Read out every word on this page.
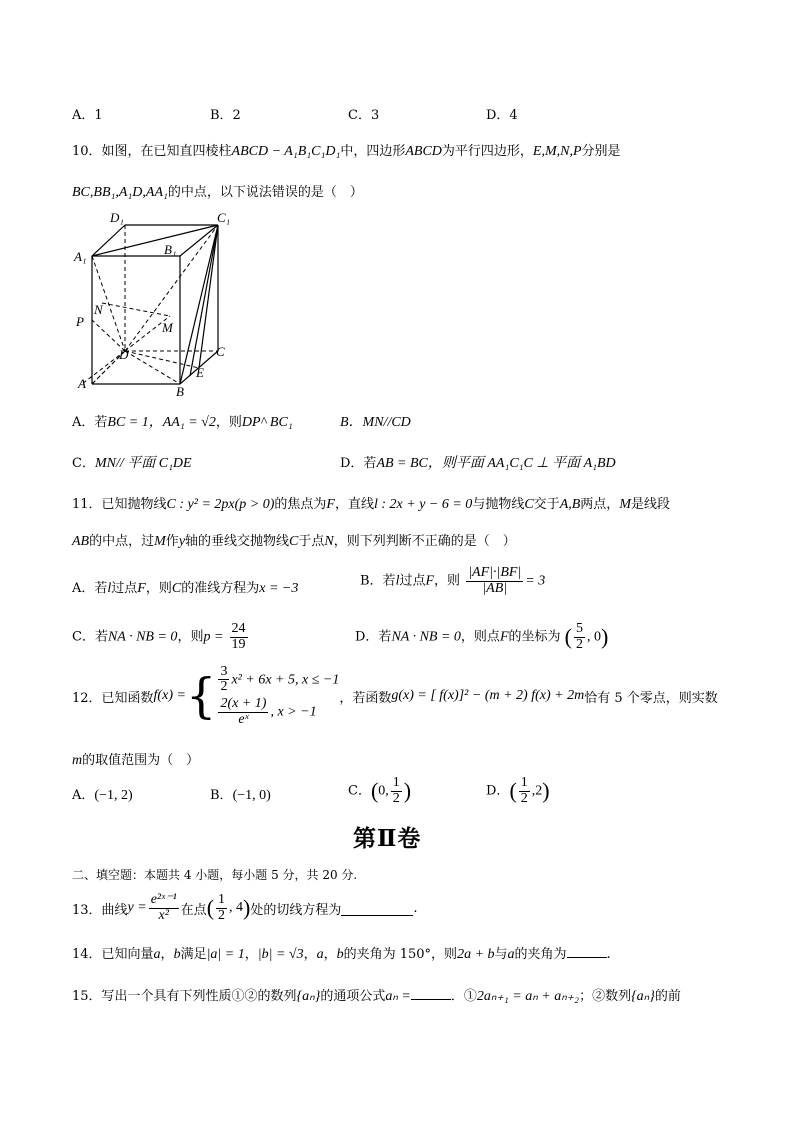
A．1	B．2	C．3	D．4
10．如图，在已知直四棱柱ABCD − A₁B₁C₁D₁中，四边形ABCD为平行四边形，E,M,N,P分别是
BC,BB₁,A₁D,AA₁的中点，以下说法错误的是（　）
D₁	C₁
A₁	B₁
N
M
P
D	C
A
E
B
A．若BC = 1，AA₁ = √2，则DP^ BC₁	B．MN//CD
C．MN// 平面 C₁DE	D．若AB = BC，则平面 AA₁C₁C ⊥ 平面 A₁BD
11．已知抛物线C : y² = 2px(p > 0)的焦点为F，直线l : 2x + y − 6 = 0与抛物线C交于A,B两点，M是线段
AB的中点，过M作y轴的垂线交抛物线C于点N，则下列判断不正确的是（　）
A．若l过点F，则C的准线方程为x = −3	B．若l过点F，则 $\frac{|AF|\cdot|BF|}{|AB|} = 3$
C．若NA · NB = 0，则$p = \frac{24}{19}$	D．若NA · NB = 0，则点F的坐标为 ( $\frac{5}{2}$ , 0)
12．已知函数 f(x) = { $\frac{3}{2} x^2 + 6x + 5$, x ≤ −1
$\frac{2(x + 1)}{\text{eˣ}}$ , x > −1
，若函数 g(x) = [ f(x)]² − (m + 2) f(x) + 2m 恰有 5 个零点，则实数
m的取值范围为（　）
A．(−1, 2)	B．(−1, 0)	C．(0, $\frac{1}{2}$ )	D．( $\frac{1}{2} ,2$)
第Ⅱ卷
二、填空题：本题共 4 小题，每小题 5 分，共 20 分.
13．曲线 $y = \frac{\text{e²ˣ⁻¹}}{\text{x²}}$ 在点 ( $\frac{1}{2}$ , 4 ) 处的切线方程为	.
14．已知向量a，b满足|a| = 1，|b| = √3，a，b的夹角为 150°，则2a + b与a的夹角为	.
15．写出一个具有下列性质①②的数列{aₙ}的通项公式aₙ =	．①2aₙ₊₁ = aₙ + aₙ₊₂；②数列{aₙ}的前
